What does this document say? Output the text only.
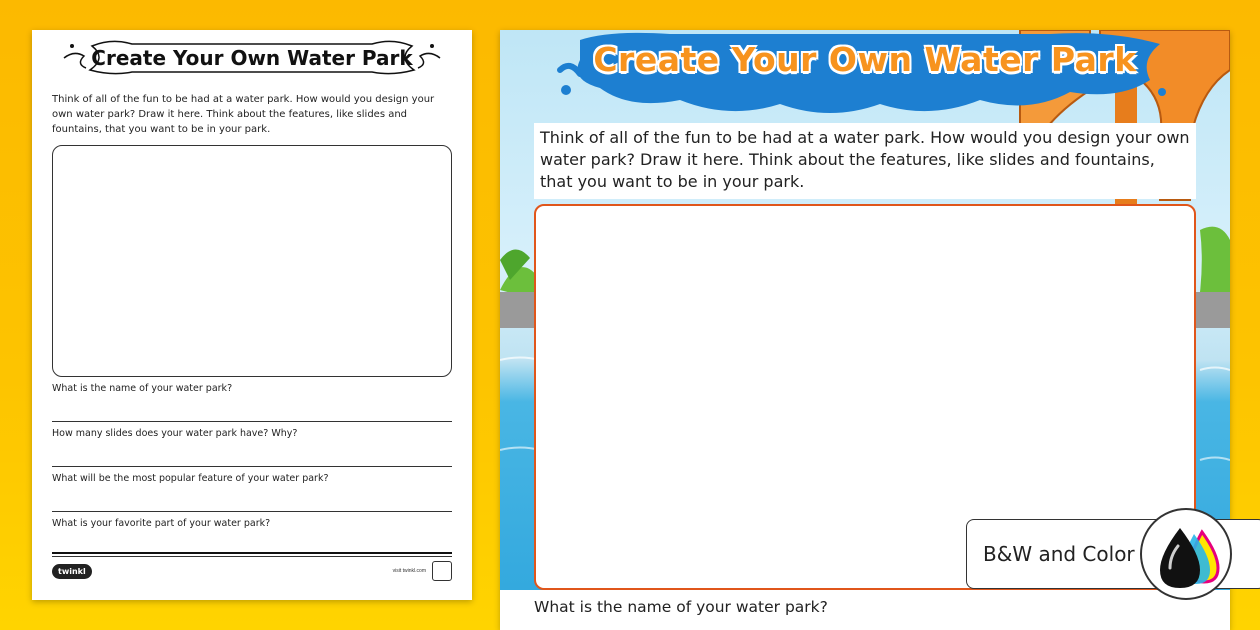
Create Your Own Water Park

Think of all of the fun to be had at a water park. How would you design your own water park? Draw it here. Think about the features, like slides and fountains, that you want to be in your park.

What is the name of your water park?
How many slides does your water park have? Why?
What will be the most popular feature of your water park?
What is your favorite part of your water park?
twinkl	visit twinkl.com
Create Your Own Water Park

Think of all of the fun to be had at a water park. How would you design your own water park? Draw it here. Think about the features, like slides and fountains, that you want to be in your park.

What is the name of your water park?
B&W and Color
